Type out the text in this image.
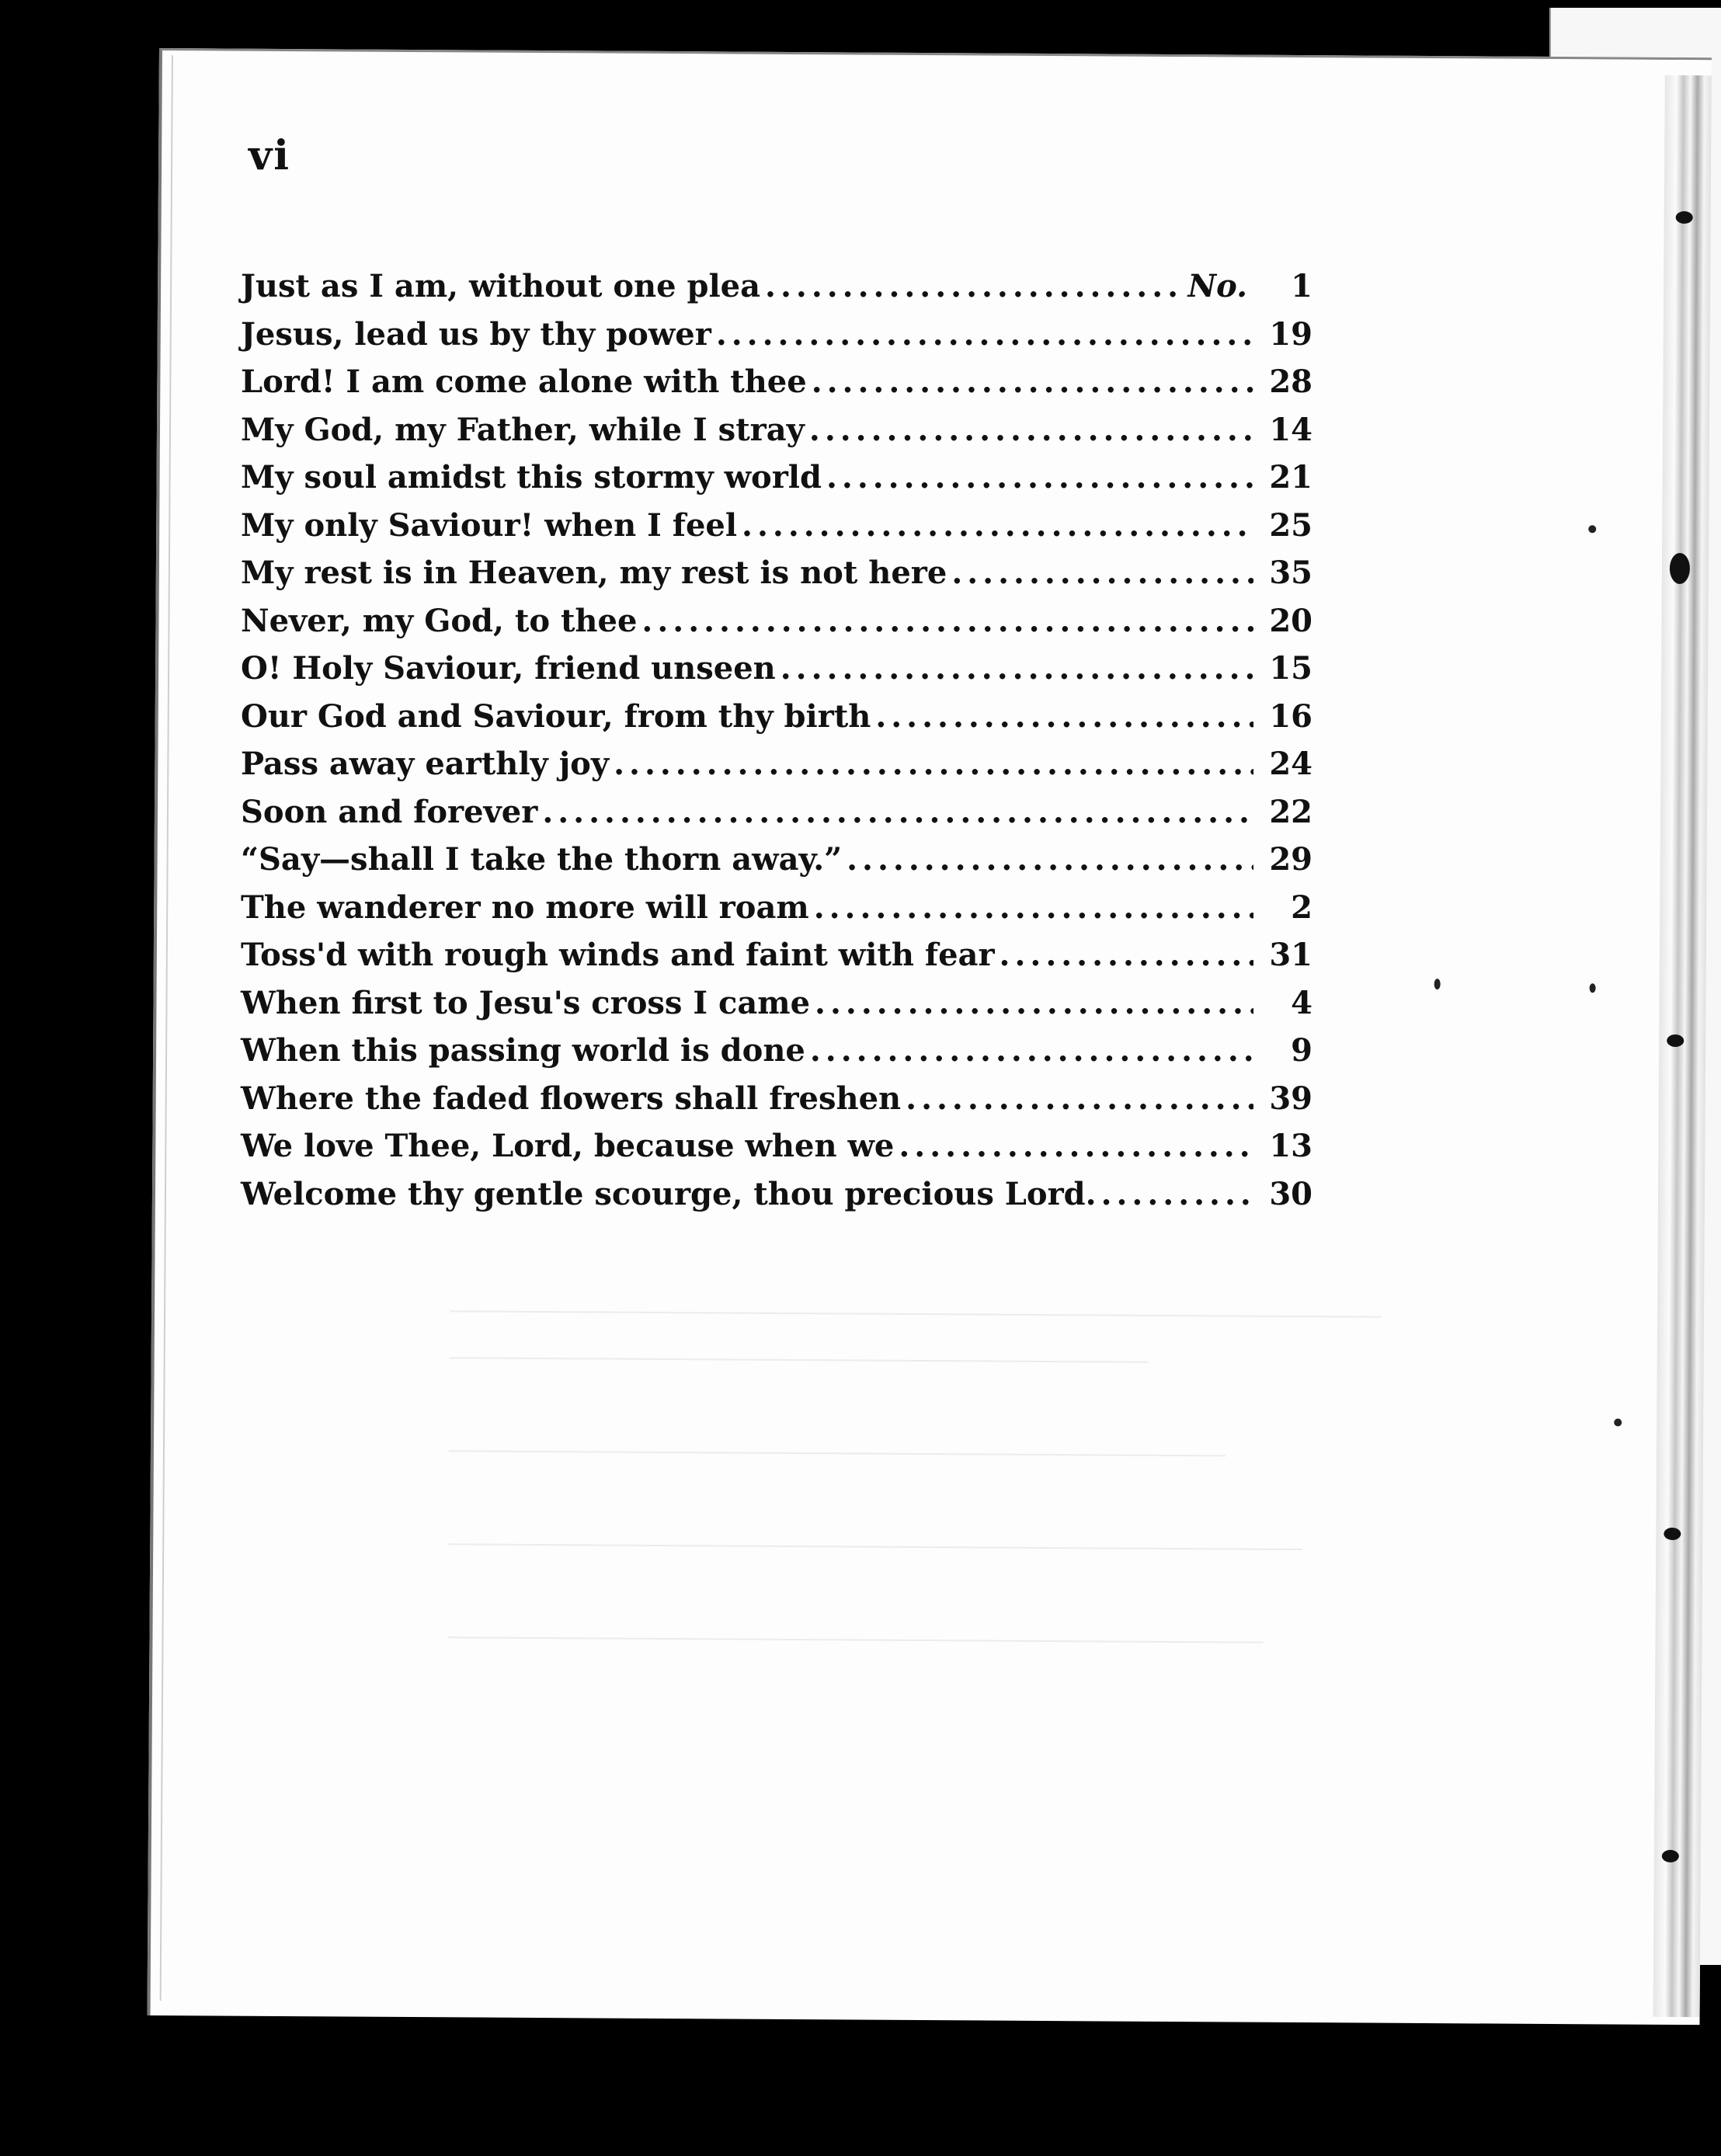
vi
Just as I am, without one plea .....	No.	1
Jesus, lead us by thy power .....	19
Lord! I am come alone with thee .....	28
My God, my Father, while I stray .....	14
My soul amidst this stormy world .....	21
My only Saviour! when I feel .....	25
My rest is in Heaven, my rest is not here .....	35
Never, my God, to thee .....	20
O! Holy Saviour, friend unseen .....	15
Our God and Saviour, from thy birth .....	16
Pass away earthly joy .....	24
Soon and forever .....	22
“Say—shall I take the thorn away.” .....	29
The wanderer no more will roam .....	2
Toss'd with rough winds and faint with fear .....	31
When first to Jesu's cross I came .....	4
When this passing world is done .....	9
Where the faded flowers shall freshen .....	39
We love Thee, Lord, because when we .....	13
Welcome thy gentle scourge, thou precious Lord. .....	30
